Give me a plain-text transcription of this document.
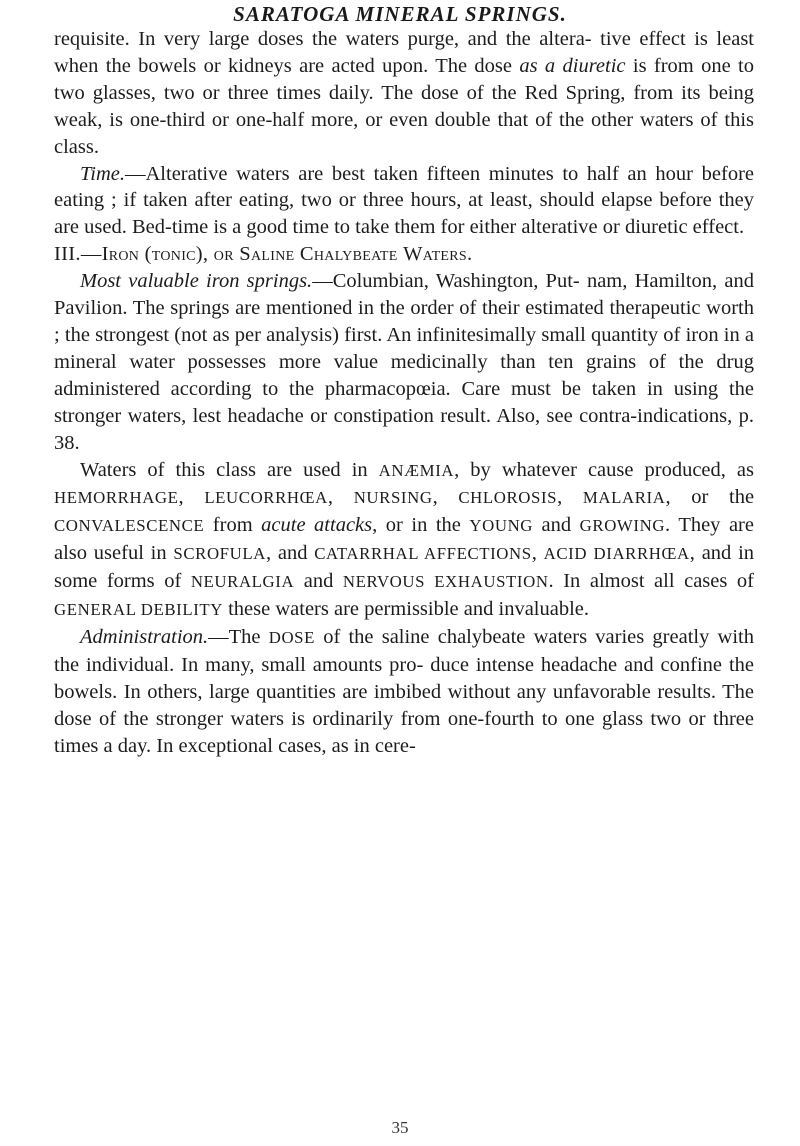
SARATOGA MINERAL SPRINGS.

requisite. In very large doses the waters purge, and the altera- tive effect is least when the bowels or kidneys are acted upon. The dose as a diuretic is from one to two glasses, two or three times daily. The dose of the Red Spring, from its being weak, is one-third or one-half more, or even double that of the other waters of this class.

Time.—Alterative waters are best taken fifteen minutes to half an hour before eating ; if taken after eating, two or three hours, at least, should elapse before they are used. Bed-time is a good time to take them for either alterative or diuretic effect.

III.—Iron (tonic), or Saline Chalybeate Waters.

Most valuable iron springs.—Columbian, Washington, Put- nam, Hamilton, and Pavilion. The springs are mentioned in the order of their estimated therapeutic worth ; the strongest (not as per analysis) first. An infinitesimally small quantity of iron in a mineral water possesses more value medicinally than ten grains of the drug administered according to the pharmacopœia. Care must be taken in using the stronger waters, lest headache or constipation result. Also, see contra-indications, p. 38.

Waters of this class are used in ANÆMIA, by whatever cause produced, as HEMORRHAGE, LEUCORRHŒA, NURSING, CHLOROSIS, MALARIA, or the CONVALESCENCE from acute attacks, or in the YOUNG and GROWING. They are also useful in SCROFULA, and CATARRHAL AFFECTIONS, ACID DIARRHŒA, and in some forms of NEURALGIA and NERVOUS EXHAUSTION. In almost all cases of GENERAL DEBILITY these waters are permissible and invaluable.

Administration.—The DOSE of the saline chalybeate waters varies greatly with the individual. In many, small amounts pro- duce intense headache and confine the bowels. In others, large quantities are imbibed without any unfavorable results. The dose of the stronger waters is ordinarily from one-fourth to one glass two or three times a day. In exceptional cases, as in cere-

35
